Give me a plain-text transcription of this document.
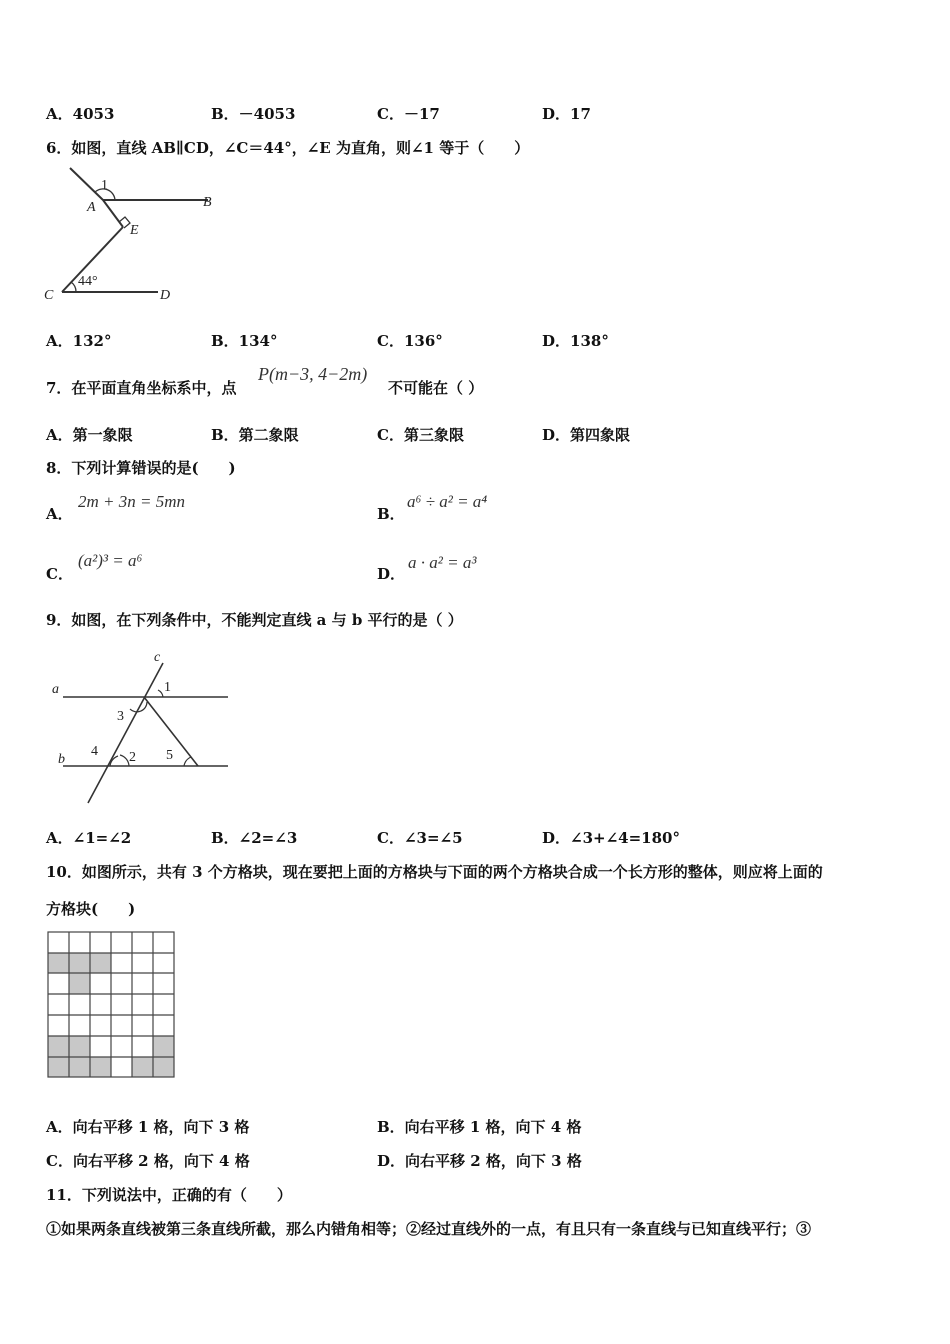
A．4053	B．－4053	C．－17	D．17
6．如图，直线 AB∥CD，∠C＝44°，∠E 为直角，则∠1 等于（　　）
1
A	B
E
C	D
44°
A．132°	B．134°	C．136°	D．138°
7．在平面直角坐标系中，点
P(m−3, 4−2m)
不可能在（ ）
A．第一象限	B．第二象限	C．第三象限	D．第四象限
8．下列计算错误的是(　　)
A．
2m + 3n = 5mn
B．
a⁶ ÷ a² = a⁴
C．
(a²)³ = a⁶
D．
a · a² = a³
9．如图，在下列条件中，不能判定直线 a 与 b 平行的是（ ）
a
b
c
1
2
3
4	5
A．∠1=∠2	B．∠2=∠3	C．∠3=∠5	D．∠3+∠4=180°
10．如图所示，共有 3 个方格块，现在要把上面的方格块与下面的两个方格块合成一个长方形的整体，则应将上面的
方格块(　　)
A．向右平移 1 格，向下 3 格	B．向右平移 1 格，向下 4 格
C．向右平移 2 格，向下 4 格	D．向右平移 2 格，向下 3 格
11．下列说法中，正确的有（　　）
①如果两条直线被第三条直线所截，那么内错角相等；②经过直线外的一点，有且只有一条直线与已知直线平行；③
